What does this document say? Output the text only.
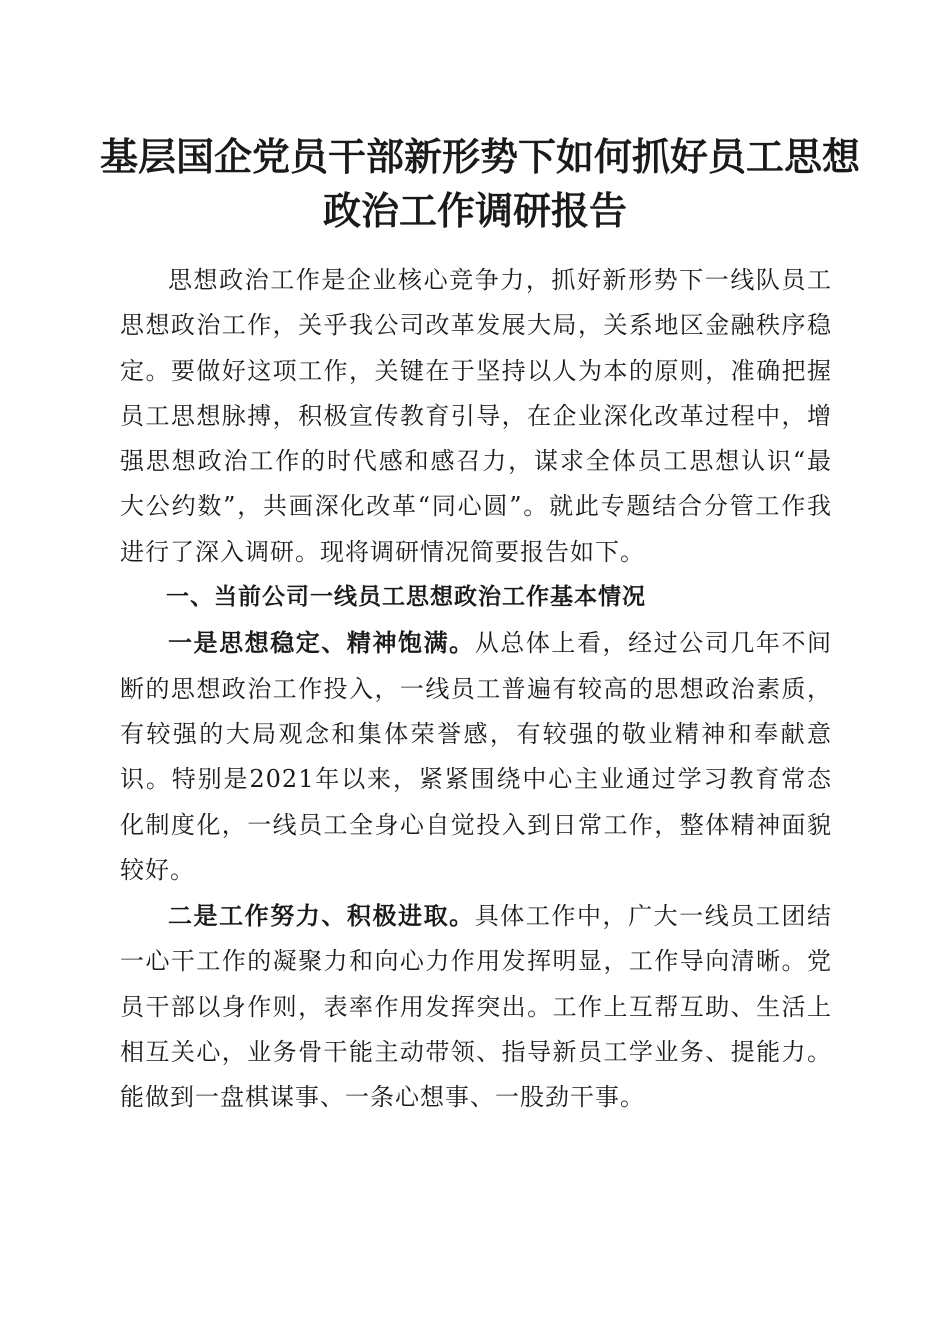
基层国企党员干部新形势下如何抓好员工思想
政治工作调研报告

思想政治工作是企业核心竞争力，抓好新形势下一线队员工思想政治工作，关乎我公司改革发展大局，关系地区金融秩序稳定。要做好这项工作，关键在于坚持以人为本的原则，准确把握员工思想脉搏，积极宣传教育引导，在企业深化改革过程中，增强思想政治工作的时代感和感召力，谋求全体员工思想认识“最大公约数”，共画深化改革“同心圆”。就此专题结合分管工作我进行了深入调研。现将调研情况简要报告如下。

一、当前公司一线员工思想政治工作基本情况

一是思想稳定、精神饱满。从总体上看，经过公司几年不间断的思想政治工作投入，一线员工普遍有较高的思想政治素质，有较强的大局观念和集体荣誉感，有较强的敬业精神和奉献意识。特别是2021年以来，紧紧围绕中心主业通过学习教育常态化制度化，一线员工全身心自觉投入到日常工作，整体精神面貌较好。

二是工作努力、积极进取。具体工作中，广大一线员工团结一心干工作的凝聚力和向心力作用发挥明显，工作导向清晰。党员干部以身作则，表率作用发挥突出。工作上互帮互助、生活上相互关心，业务骨干能主动带领、指导新员工学业务、提能力。能做到一盘棋谋事、一条心想事、一股劲干事。
